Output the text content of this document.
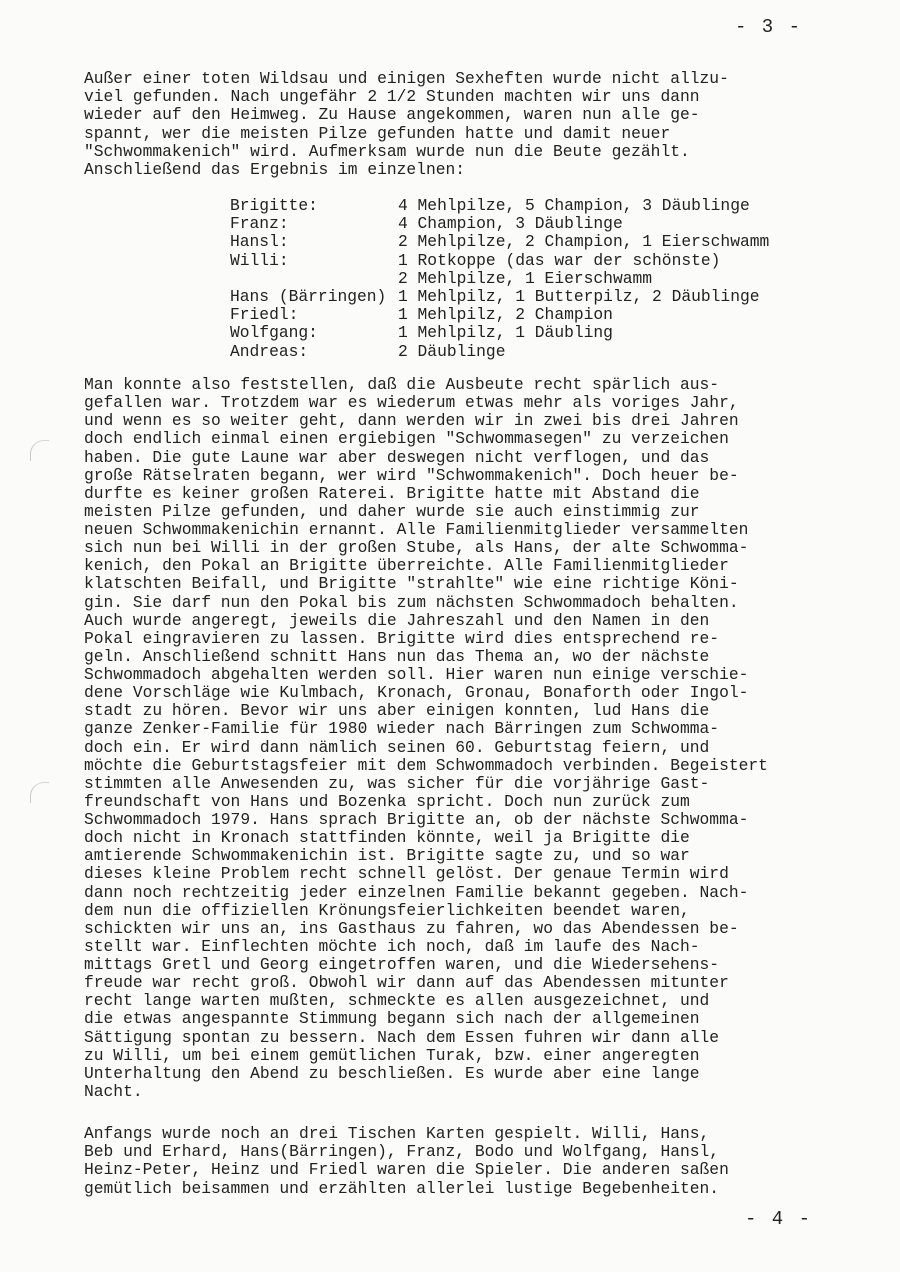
- 3 -
Außer einer toten Wildsau und einigen Sexheften wurde nicht allzu-
viel gefunden. Nach ungefähr 2 1/2 Stunden machten wir uns dann
wieder auf den Heimweg. Zu Hause angekommen, waren nun alle ge-
spannt, wer die meisten Pilze gefunden hatte und damit neuer
"Schwommakenich" wird. Aufmerksam wurde nun die Beute gezählt.
Anschließend das Ergebnis im einzelnen:
Brigitte:	4 Mehlpilze, 5 Champion, 3 Däublinge
Franz:	4 Champion, 3 Däublinge
Hansl:	2 Mehlpilze, 2 Champion, 1 Eierschwamm
Willi:	1 Rotkoppe (das war der schönste)
2 Mehlpilze, 1 Eierschwamm
Hans (Bärringen) 1 Mehlpilz, 1 Butterpilz, 2 Däublinge
Friedl:	1 Mehlpilz, 2 Champion
Wolfgang:	1 Mehlpilz, 1 Däubling
Andreas:	2 Däublinge
Man konnte also feststellen, daß die Ausbeute recht spärlich aus-
gefallen war. Trotzdem war es wiederum etwas mehr als voriges Jahr,
und wenn es so weiter geht, dann werden wir in zwei bis drei Jahren
doch endlich einmal einen ergiebigen "Schwommasegen" zu verzeichen
haben. Die gute Laune war aber deswegen nicht verflogen, und das
große Rätselraten begann, wer wird "Schwommakenich". Doch heuer be-
durfte es keiner großen Raterei. Brigitte hatte mit Abstand die
meisten Pilze gefunden, und daher wurde sie auch einstimmig zur
neuen Schwommakenichin ernannt. Alle Familienmitglieder versammelten
sich nun bei Willi in der großen Stube, als Hans, der alte Schwomma-
kenich, den Pokal an Brigitte überreichte. Alle Familienmitglieder
klatschten Beifall, und Brigitte "strahlte" wie eine richtige Köni-
gin. Sie darf nun den Pokal bis zum nächsten Schwommadoch behalten.
Auch wurde angeregt, jeweils die Jahreszahl und den Namen in den
Pokal eingravieren zu lassen. Brigitte wird dies entsprechend re-
geln. Anschließend schnitt Hans nun das Thema an, wo der nächste
Schwommadoch abgehalten werden soll. Hier waren nun einige verschie-
dene Vorschläge wie Kulmbach, Kronach, Gronau, Bonaforth oder Ingol-
stadt zu hören. Bevor wir uns aber einigen konnten, lud Hans die
ganze Zenker-Familie für 1980 wieder nach Bärringen zum Schwomma-
doch ein. Er wird dann nämlich seinen 60. Geburtstag feiern, und
möchte die Geburtstagsfeier mit dem Schwommadoch verbinden. Begeistert
stimmten alle Anwesenden zu, was sicher für die vorjährige Gast-
freundschaft von Hans und Bozenka spricht. Doch nun zurück zum
Schwommadoch 1979. Hans sprach Brigitte an, ob der nächste Schwomma-
doch nicht in Kronach stattfinden könnte, weil ja Brigitte die
amtierende Schwommakenichin ist. Brigitte sagte zu, und so war
dieses kleine Problem recht schnell gelöst. Der genaue Termin wird
dann noch rechtzeitig jeder einzelnen Familie bekannt gegeben. Nach-
dem nun die offiziellen Krönungsfeierlichkeiten beendet waren,
schickten wir uns an, ins Gasthaus zu fahren, wo das Abendessen be-
stellt war. Einflechten möchte ich noch, daß im laufe des Nach-
mittags Gretl und Georg eingetroffen waren, und die Wiedersehens-
freude war recht groß. Obwohl wir dann auf das Abendessen mitunter
recht lange warten mußten, schmeckte es allen ausgezeichnet, und
die etwas angespannte Stimmung begann sich nach der allgemeinen
Sättigung spontan zu bessern. Nach dem Essen fuhren wir dann alle
zu Willi, um bei einem gemütlichen Turak, bzw. einer angeregten
Unterhaltung den Abend zu beschließen. Es wurde aber eine lange
Nacht.
Anfangs wurde noch an drei Tischen Karten gespielt. Willi, Hans,
Beb und Erhard, Hans(Bärringen), Franz, Bodo und Wolfgang, Hansl,
Heinz-Peter, Heinz und Friedl waren die Spieler. Die anderen saßen
gemütlich beisammen und erzählten allerlei lustige Begebenheiten.
- 4 -
